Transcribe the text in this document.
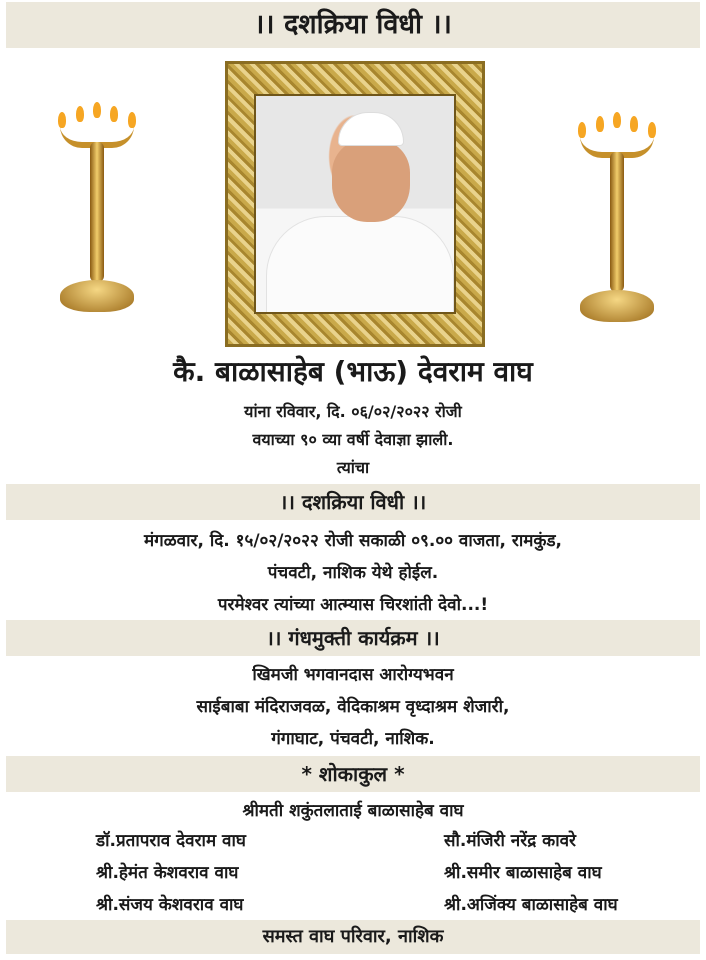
।। दशक्रिया विधी ।।
कै. बाळासाहेब (भाऊ) देवराम वाघ
यांना रविवार, दि. ०६/०२/२०२२ रोजी
वयाच्या ९० व्या वर्षी देवाज्ञा झाली.
त्यांचा
।। दशक्रिया विधी ।।
मंगळवार, दि. १५/०२/२०२२ रोजी सकाळी ०९.०० वाजता, रामकुंड,
पंचवटी, नाशिक येथे होईल.
परमेश्वर त्यांच्या आत्म्यास चिरशांती देवो...!
।। गंधमुक्ती कार्यक्रम ।।
खिमजी भगवानदास आरोग्यभवन
साईबाबा मंदिराजवळ, वेदिकाश्रम वृध्दाश्रम शेजारी,
गंगाघाट, पंचवटी, नाशिक.
* शोकाकुल *
श्रीमती शकुंतलाताई बाळासाहेब वाघ
डॉ.प्रतापराव देवराम वाघ
श्री.हेमंत केशवराव वाघ
श्री.संजय केशवराव वाघ
सौ.मंजिरी नरेंद्र कावरे
श्री.समीर बाळासाहेब वाघ
श्री.अजिंक्य बाळासाहेब वाघ
समस्त वाघ परिवार, नाशिक
